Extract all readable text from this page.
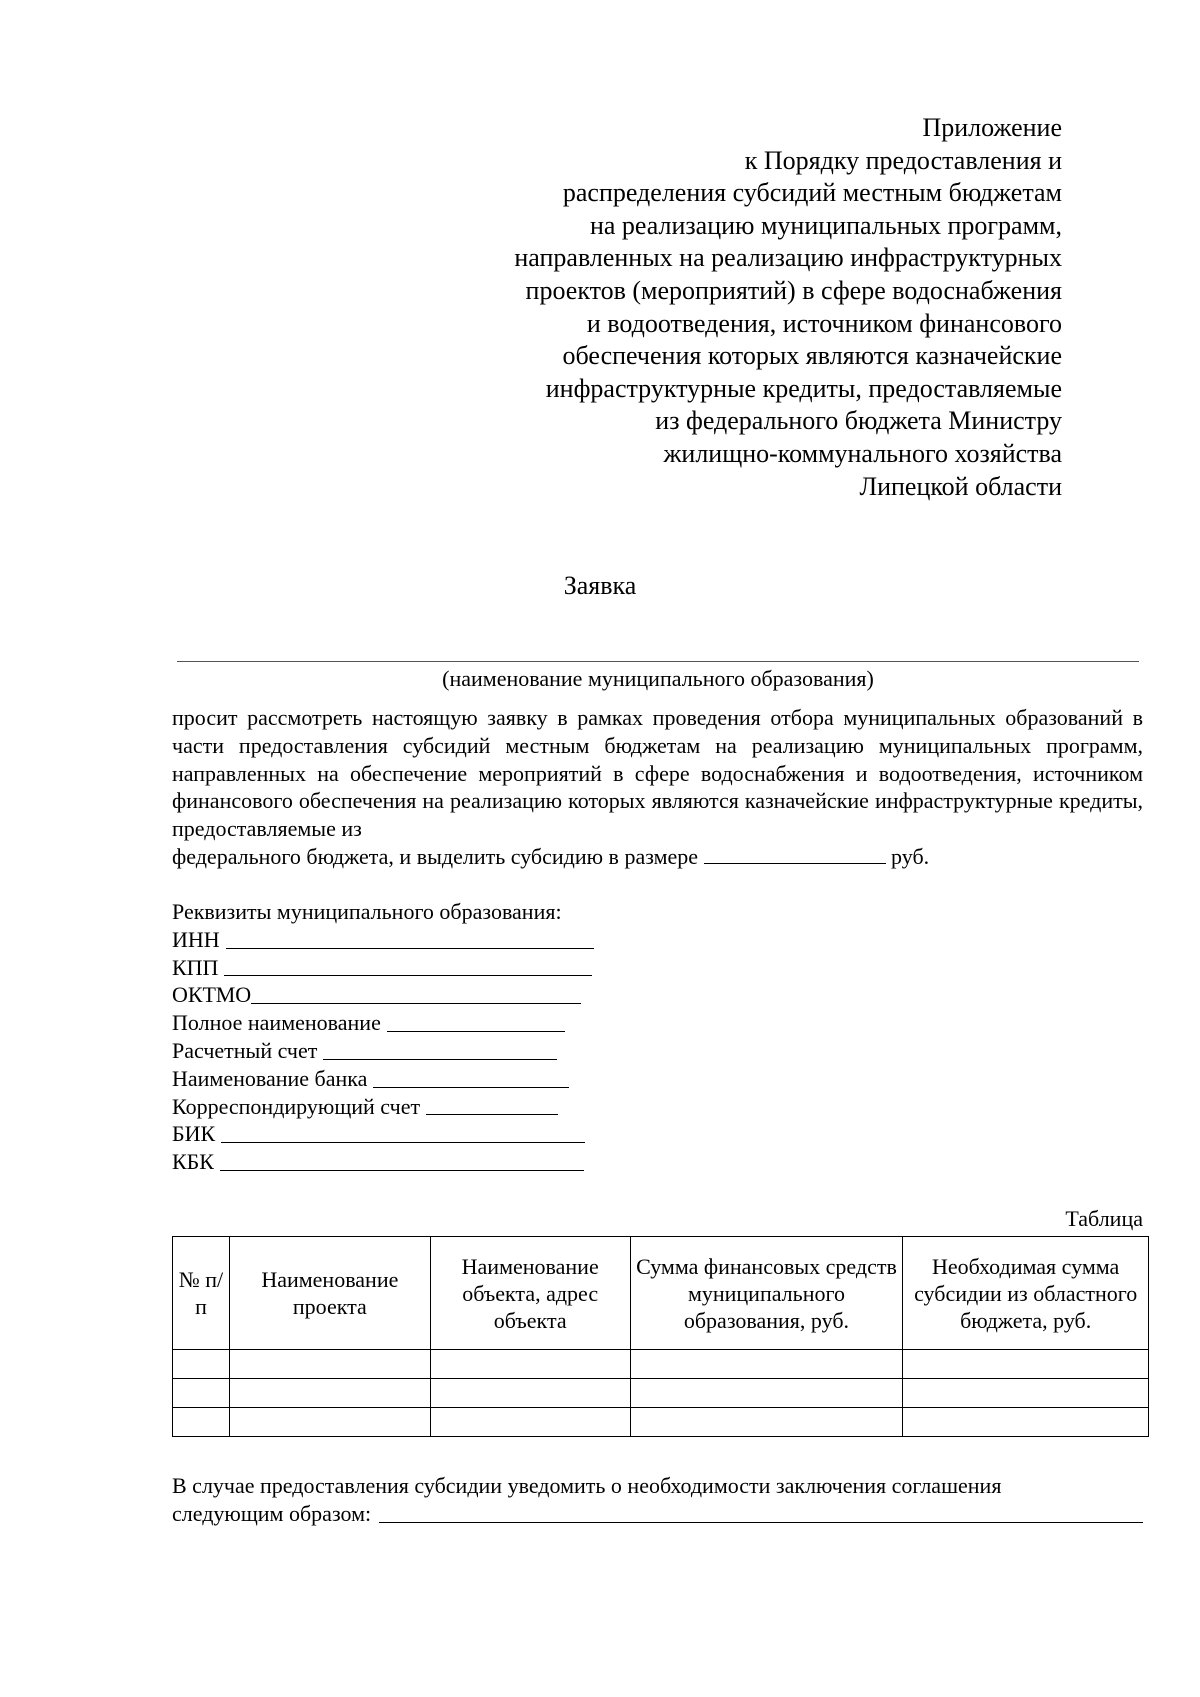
Приложение
к Порядку предоставления и
распределения субсидий местным бюджетам
на реализацию муниципальных программ,
направленных на реализацию инфраструктурных
проектов (мероприятий) в сфере водоснабжения
и водоотведения, источником финансового
обеспечения которых являются казначейские
инфраструктурные кредиты, предоставляемые
из федерального бюджета Министру
жилищно-коммунального хозяйства
Липецкой области
Заявка
(наименование муниципального образования)
просит рассмотреть настоящую заявку в рамках проведения отбора муниципальных образований в части предоставления субсидий местным бюджетам на реализацию муниципальных программ, направленных на обеспечение мероприятий в сфере водоснабжения и водоотведения, источником финансового обеспечения на реализацию которых являются казначейские инфраструктурные кредиты, предоставляемые из
федерального бюджета, и выделить субсидию в размере	руб.
Реквизиты муниципального образования:
ИНН
КПП
ОКТМО
Полное наименование
Расчетный счет
Наименование банка
Корреспондирующий счет
БИК
КБК
Таблица
№ п/п	Наименование проекта	Наименование объекта, адрес объекта	Сумма финансовых средств муниципального образования, руб.	Необходимая сумма субсидии из областного бюджета, руб.

В случае предоставления субсидии уведомить о необходимости заключения соглашения
следующим образом:
